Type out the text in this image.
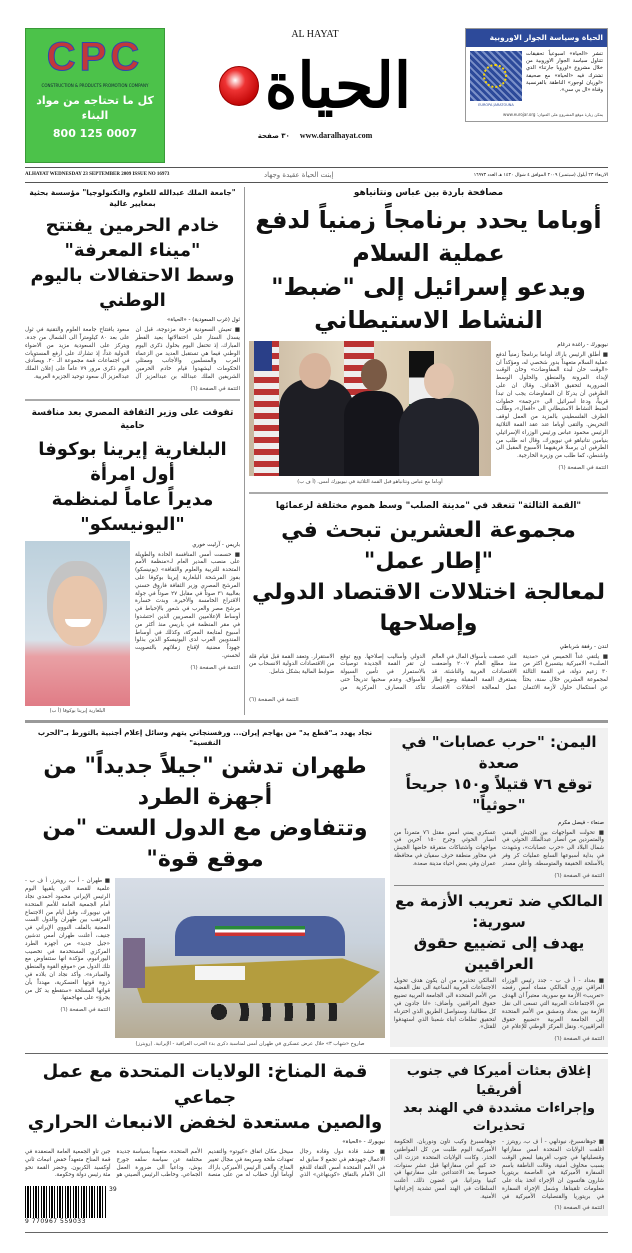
CPC
CONSTRUCTION & PRODUCTS PROMOTION COMPANY
كل ما تحتاجه من مواد البناء
800 125 0007
AL HAYAT
الحياة
٣٠ صفحة www.daralhayat.com
الحياة وسياسة الجوار الاوروبية
EUROPA JARATOUNA
تنشر «الحياة» اسبوعياً تحقيقات تتناول سياسة الجوار الاوروبية من خلال مشروع «اوروبا جارتنا» الذي تشترك فيه «الحياة» مع صحيفة «لوريان لوجور» الناطقة بالفرنسية وقناة «ال بي سي».
يمكن زيارة موقع المشروع على العنوان: www.eurojar.org
ALHAYAT WEDNESDAY 23 SEPTEMBER 2009 ISSUE NO 16973	إبنت الحياة عقيدة وجهاد	الاربعاء ٢٣ أيلول (سبتمبر) ٢٠٠٩ الموافق ٤ شوال ١٤٣٠ هـ العدد ١٦٩٧٣
"جامعة الملك عبدالله للعلوم والتكنولوجيا" مؤسسة بحثية بمعايير عالية
خادم الحرمين يفتتح "ميناء المعرفة"
وسط الاحتفالات باليوم الوطني
ثول (غرب السعودية) - «الحياة»
■ تعيش السعودية فرحة مزدوجة، قبل ان يسدل الستار على احتفالاتها بعيد الفطر المبارك، إذ تحتفل اليوم بحلول ذكرى اليوم الوطني فيما هي تستقبل العديد من الزعماء العرب والمسلمين والأجانب وممثلي الحكومات ليشهدوا قيام خادم الحرمين الشريفين الملك عبدالله بن عبدالعزيز آل سعود بافتتاح جامعة العلوم والتقنية في ثول على بعد ٨٠ كيلومتراً الى الشمال من جدة. ويتركز على السعودية مزيد من الاضواء الدولية غداً، إذ تشارك على أرفع المستويات في اجتماعات قمة مجموعة الـ ٢٠. ويصادف اليوم ذكرى مرور ٧٩ عاماً على إعلان الملك عبدالعزيز آل سعود توحيد الجزيرة العربية.
التتمة في الصفحة (٦)
تفوقت على وزير الثقافة المصري بعد منافسة حامية
البلغارية إيرينا بوكوفا أول امرأة
مديراً عاماً لمنظمة "اليونيسكو"
البلغارية إيرينا بوكوفا (أ ب)
باريس - آرليت خوري
■ حسمت أمس المنافسة الحادة والطويلة على منصب المدير العام لـ«منظمة الأمم المتحدة للتربية والعلوم والثقافة» (يونيسكو) بفوز المرشحة البلغارية إيرينا بوكوفا على المرشح المصري وزير الثقافة فاروق حسني بغالبية ٣١ صوتاً في مقابل ٢٧ صوتاً في جولة الاقتراع الخامسة والأخيرة. وبدت خسارة مرشح مصر والعرب في شعور بالإحباط في أوساط الإعلاميين المصريين الذين احتشدوا في مقر المنظمة في باريس منذ أكثر من أسبوع لمتابعة المعركة، وكذلك في أوساط المندوبين العرب لدى اليونيسكو الذين بذلوا جهوداً مضنية لإقناع زملائهم بالتصويت لحسني.
التتمة في الصفحة (٦)
مصافحة باردة بين عباس ونتانياهو
أوباما يحدد برنامجاً زمنياً لدفع عملية السلام
ويدعو إسرائيل إلى "ضبط" النشاط الاستيطاني
أوباما مع عباس ونتانياهو قبل القمة الثلاثية في نيويورك أمس. (أ ف ب)
نيويورك - راغدة درغام
■ أطلق الرئيس باراك أوباما برنامجاً زمنياً لدفع عملية السلام متعهداً بدور شخصي له، ومؤكداً ان «الوقت حان لبدء المفاوضات» وحان الوقت لإبداء المرونة والمنطق والحلول الوسط الضرورية لتحقيق الأهداف. وقال ان على الطرفين أن يدركا ان المفاوضات يجب ان تبدأ قريباً، ودعا اسرائيل الى «ترجمة» خطوات لضبط النشاط الاستيطاني الى «أفعال»، وطالب الطرف الفلسطيني بالمزيد من العمل لوقف التحريض. والتقى أوباما عند عقد القمة الثلاثية الرئيس محمود عباس ورئيس الوزراء الإسرائيلي بنيامين نتانياهو في نيويورك، وقال انه طلب من الطرفين ان يرسلا فريقيهما الأسبوع المقبل الى واشنطن، كما طلب من وزيرة الخارجية.
التتمة في الصفحة (٦)
"القمة الثالثة" تنعقد في "مدينة الصلب" وسط هموم مختلفة لزعمائها
مجموعة العشرين تبحث في "إطار عمل"
لمعالجة اختلالات الاقتصاد الدولي وإصلاحها
لندن - رفقة شرباطي
■ يلتقي غداً الخميس في «مدينة الصلب» الاميركية بيتسبرغ أكثر من ٣٠ زعيم دولة، في القمة الثالثة لمجموعة العشرين خلال سنة، بحثاً عن استكمال حلول لأزمة الائتمان التي عصفت بأسواق المال في العالم منذ مطلع العام ٢٠٠٧ وأضعفت الاقتصادات الغربية والناشئة. قد يستغرق القمة المقبلة وضع إطار عمل لمعالجة اختلالات الاقتصاد الدولي وأساليب إصلاحها. ويع توقع ان تقر القمة الجديدة توصيات بالاستمرار في تأمين السيولة للأسواق، وعدم سحبها تدريجاً حتى تتأكد المصارف المركزية من الاستقرار. وتعقد القمة قبل قيام قلة من الاقتصادات الدولية الانسحاب من ضوابط المالية بشكل شامل.
التتمة في الصفحة (٦)
نجاد يهدد بـ"قطع يد" من يهاجم إيران... ورفسنجاني يتهم وسائل إعلام أجنبية بالتورط بـ"الحرب النفسية"
طهران تدشن "جيلاً جديداً" من أجهزة الطرد
وتتفاوض مع الدول الست "من موقع قوة"
■ طهران - أ ب، رويترز، أ ف ب - علمية للقصة التي يلقيها اليوم الرئيس الإيراني محمود أحمدي نجاد أمام الجمعية العامة للأمم المتحدة في نيويورك، وقبل أيام من الاجتماع المرتقب بين طهران والدول الست المعنية بالملف النووي الإيراني في جنيف، أعلنت طهران أمس تدشين «جيل جديد» من أجهزة الطرد المركزي المستخدمة في تخصيب اليورانيوم، مؤكدة انها ستتفاوض مع تلك الدول من «موقع القوة والمنطق والمبادرة». وأكد نجاد ان بلاده في ذروة قوتها العسكرية، مهدداً بأن قواتها المسلحة «ستقطع يد كل من يجرؤ» على مهاجمتها.
التتمة في الصفحة (٦)
صاروخ «شهاب ٣» خلال عرض عسكري في طهران أمس لمناسبة ذكرى بدء الحرب العراقية - الإيرانية. (رويترز)
اليمن: "حرب عصابات" في صعدة
توقع ٧٦ قتيلاً و١٥٠ جريحاً "حوثياً"
صنعاء - فيصل مكرم
■ تحولت المواجهات بين الجيش اليمني والمتمردين من أنصار عبدالملك الحوثي في شمال البلاد الى «حرب عصابات»، وشهدت في بداية أسبوعها السابع عمليات كر وفر بالأسلحة الخفيفة والمتوسطة. وأعلن مصدر عسكري يمني أمس مقتل ٧٦ متمرداً من أنصار الحوثي وجرح ١٥٠ آخرين في مواجهات واشتباكات متفرقة خاضها الجيش في محاور منطقة حرف سفيان في محافظة عمران وفي بعض احياء مدينة صعدة.
التتمة في الصفحة (٦)
المالكي ضد تعريب الأزمة مع سورية:
يهدف إلى تضييع حقوق العراقيين
■ بغداد - أ ف ب - جدد رئيس الوزراء العراقي نوري المالكي مساء أمس رفضه «تعريب» الأزمة مع سورية، معتبراً ان الهدف من الاجتماعات العربية التي تسعى الى نقل الأزمة بين بغداد ودمشق من الأمم المتحدة إلى الجامعة العربية «تضييع حقوق العراقيين». ونقل المركز الوطني للإعلام عن المالكي تحذيره من ان يكون هدف تحويل الاجتماعات العربية الساعية الى نقل القضية من الأمم المتحدة الى الجامعة العربية تضييع حقوق العراقيين. وأضاف: «انا جادون في كل مطالبنا، وسنواصل الطريق الذي اخترناه لتحقيق تطلعات ابناء شعبنا الذي استهدفوا للقتل».
التتمة في الصفحة (٦)
قمة المناخ: الولايات المتحدة مع عمل جماعي
والصين مستعدة لخفض الانبعاث الحراري
نيويورك - «الحياة»
■ حشد قادة دول وقادة رجال الاعمال جهودهم في تجمع لا سابق له في الأمم المتحدة أمس التقاء للدفع الى الأمام بالتفاق «كوبنهاغن» الذي سيحل مكان اتفاق «كيوتو» والتقديم تعهدات ملحة وسريعة في مجال تغيير المناخ. وألقى الرئيس الأميركي باراك أوباما أول خطاب له من على منصة الأمم المتحدة، متعهداً بسياسة جديدة مختلفة عن سياسة سلفه جورج بوش، وداعياً الى ضرورة العمل الجماعي. وخاطب الرئيس الصيني هو جين تاو الجمعية العامة المنعقدة في قمة المناخ متعهداً خفض انبعاث ثاني أوكسيد الكربون. وحضر القمة نحو مئة رئيس دولة وحكومة.
9 770967 559033
39
إغلاق بعثات أميركا في جنوب أفريقيا
وإجراءات مشددة في الهند بعد تحذيرات
■ جوهانسبرغ، نيودلهي - أ ف ب، رويترز - أغلقت الولايات المتحدة أمس سفاراتها وقنصلياتها في جنوب أفريقيا لبعض الوقت بسبب مخاوف أمنية، وقالت الناطقة باسم السفارة الأميركية في العاصمة بريتوريا شارون هاتسون ان الإجراء اتخذ بناء على معلومات تلقيناها. وشمل الإجراء السفارة في بريتوريا والقنصليات الأميركية في جوهانسبرغ وكيب تاون ودوربان. الحكومة الأميركية اليوم طلبت من كل المواطنين الحذر. وكانت الولايات المتحدة عززت الى حد كبير أمن سفاراتها قبل عشر سنوات، خصوصاً بعد الاعتداءين على سفارتيها في كينيا وتنزانيا. في غضون ذلك، أعلنت السلطات في الهند أمس تشديد إجراءاتها الأمنية.
التتمة في الصفحة (٦)
